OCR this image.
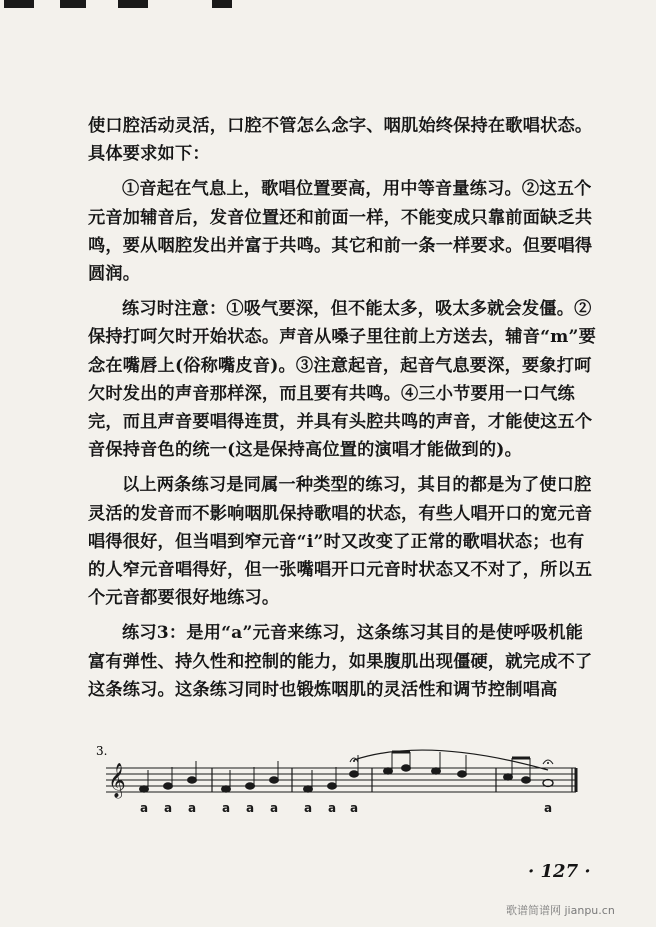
使口腔活动灵活，口腔不管怎么念字、咽肌始终保持在歌唱状态。具体要求如下：

①音起在气息上，歌唱位置要高，用中等音量练习。②这五个元音加辅音后，发音位置还和前面一样，不能变成只靠前面缺乏共鸣，要从咽腔发出并富于共鸣。其它和前一条一样要求。但要唱得圆润。

练习时注意：①吸气要深，但不能太多，吸太多就会发僵。②保持打呵欠时开始状态。声音从嗓子里往前上方送去，辅音“m”要念在嘴唇上(俗称嘴皮音)。③注意起音，起音气息要深，要象打呵欠时发出的声音那样深，而且要有共鸣。④三小节要用一口气练完，而且声音要唱得连贯，并具有头腔共鸣的声音，才能使这五个音保持音色的统一(这是保持高位置的演唱才能做到的)。

以上两条练习是同属一种类型的练习，其目的都是为了使口腔灵活的发音而不影响咽肌保持歌唱的状态，有些人唱开口的宽元音唱得很好，但当唱到窄元音“i”时又改变了正常的歌唱状态；也有的人窄元音唱得好，但一张嘴唱开口元音时状态又不对了，所以五个元音都要很好地练习。

练习3：是用“a”元音来练习，这条练习其目的是使呼吸机能富有弹性、持久性和控制的能力，如果腹肌出现僵硬，就完成不了这条练习。这条练习同时也锻炼咽肌的灵活性和调节控制唱高

3.
𝄞
a a a a a a a a a	a
· 127 ·
歌谱简谱网 jianpu.cn
